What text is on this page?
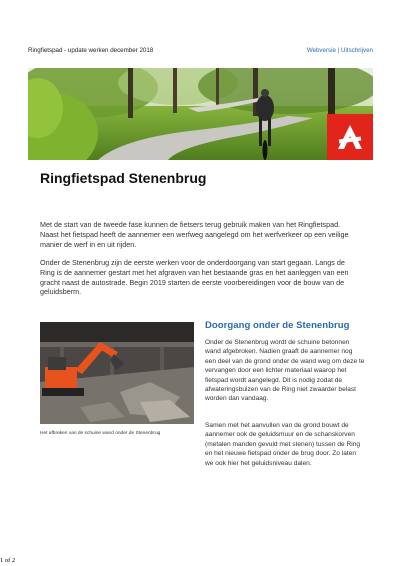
Ringfietspad - update werken december 2018	Webversie | Uitschrijven
Ringfietspad Stenenbrug

Met de start van de tweede fase kunnen de fietsers terug gebruik maken van het Ringfietspad. Naast het fietspad heeft de aannemer een werfweg aangelegd om het werfverkeer op een veilige manier de werf in en uit rijden.

Onder de Stenenbrug zijn de eerste werken voor de onderdoorgang van start gegaan. Langs de Ring is de aannemer gestart met het afgraven van het bestaande gras en het aanleggen van een gracht naast de autostrade. Begin 2019 starten de eerste voorbereidingen voor de bouw van de geluidsberm.

Het afbreken van de schuine wand onder de Stenenbrug
Doorgang onder de Stenenbrug

Onder de Stenenbrug wordt de schuine betonnen wand afgebroken. Nadien graaft de aannemer nog een deel van de grond onder de wand weg om deze te vervangen door een lichter materiaal waarop het fietspad wordt aangelegd. Dit is nodig zodat de afwateringsbuizen van de Ring niet zwaarder belast worden dan vandaag.

Samen met het aanvullen van de grond bouwt de aannemer ook de geluidsmuur en de schanskorven (metalen manden gevuld met stenen) tussen de Ring en het nieuwe fietspad onder de brug door. Zo laten we ook hier het geluidsniveau dalen.

1 of 2
